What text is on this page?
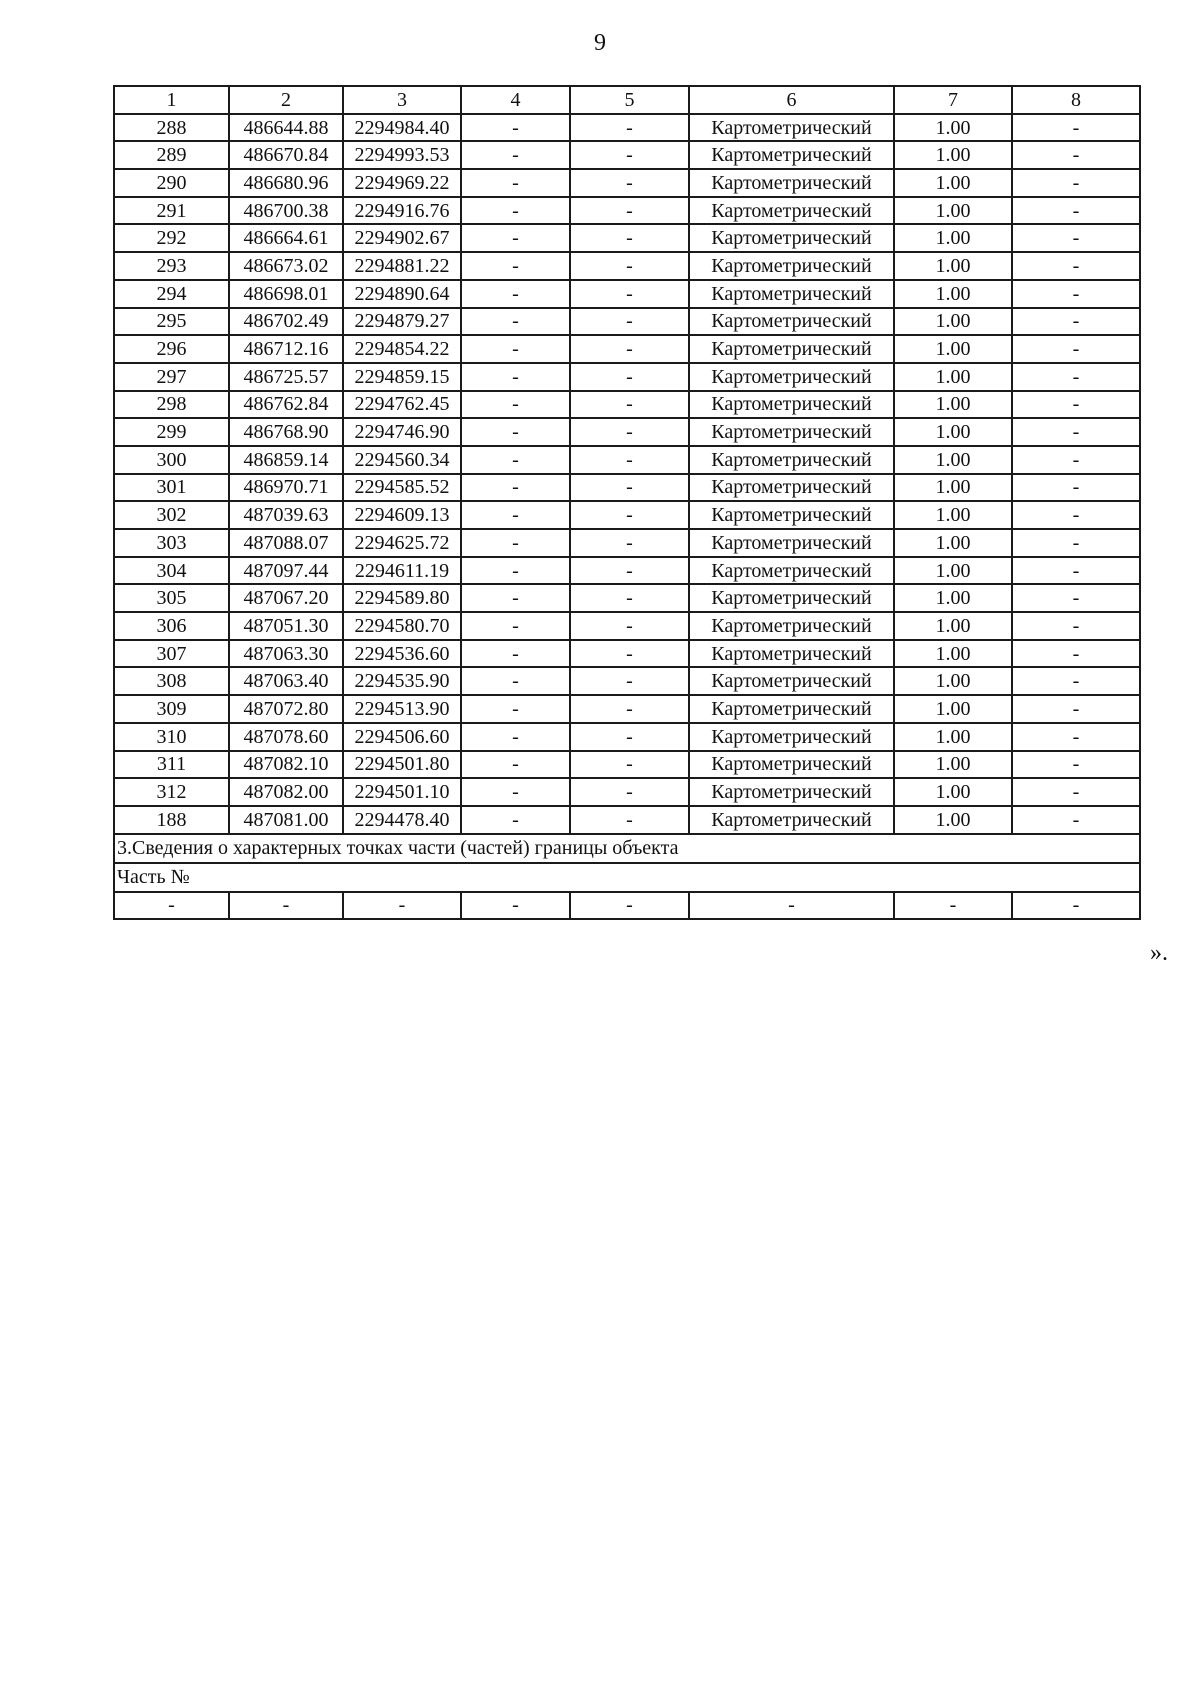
9
1	2	3	4	5	6	7	8
288	486644.88	2294984.40	-	-	Картометрический	1.00	-
289	486670.84	2294993.53	-	-	Картометрический	1.00	-
290	486680.96	2294969.22	-	-	Картометрический	1.00	-
291	486700.38	2294916.76	-	-	Картометрический	1.00	-
292	486664.61	2294902.67	-	-	Картометрический	1.00	-
293	486673.02	2294881.22	-	-	Картометрический	1.00	-
294	486698.01	2294890.64	-	-	Картометрический	1.00	-
295	486702.49	2294879.27	-	-	Картометрический	1.00	-
296	486712.16	2294854.22	-	-	Картометрический	1.00	-
297	486725.57	2294859.15	-	-	Картометрический	1.00	-
298	486762.84	2294762.45	-	-	Картометрический	1.00	-
299	486768.90	2294746.90	-	-	Картометрический	1.00	-
300	486859.14	2294560.34	-	-	Картометрический	1.00	-
301	486970.71	2294585.52	-	-	Картометрический	1.00	-
302	487039.63	2294609.13	-	-	Картометрический	1.00	-
303	487088.07	2294625.72	-	-	Картометрический	1.00	-
304	487097.44	2294611.19	-	-	Картометрический	1.00	-
305	487067.20	2294589.80	-	-	Картометрический	1.00	-
306	487051.30	2294580.70	-	-	Картометрический	1.00	-
307	487063.30	2294536.60	-	-	Картометрический	1.00	-
308	487063.40	2294535.90	-	-	Картометрический	1.00	-
309	487072.80	2294513.90	-	-	Картометрический	1.00	-
310	487078.60	2294506.60	-	-	Картометрический	1.00	-
311	487082.10	2294501.80	-	-	Картометрический	1.00	-
312	487082.00	2294501.10	-	-	Картометрический	1.00	-
188	487081.00	2294478.40	-	-	Картометрический	1.00	-
3.Сведения о характерных точках части (частей) границы объекта							
Часть №							
-	-	-	-	-	-	-	-
».
